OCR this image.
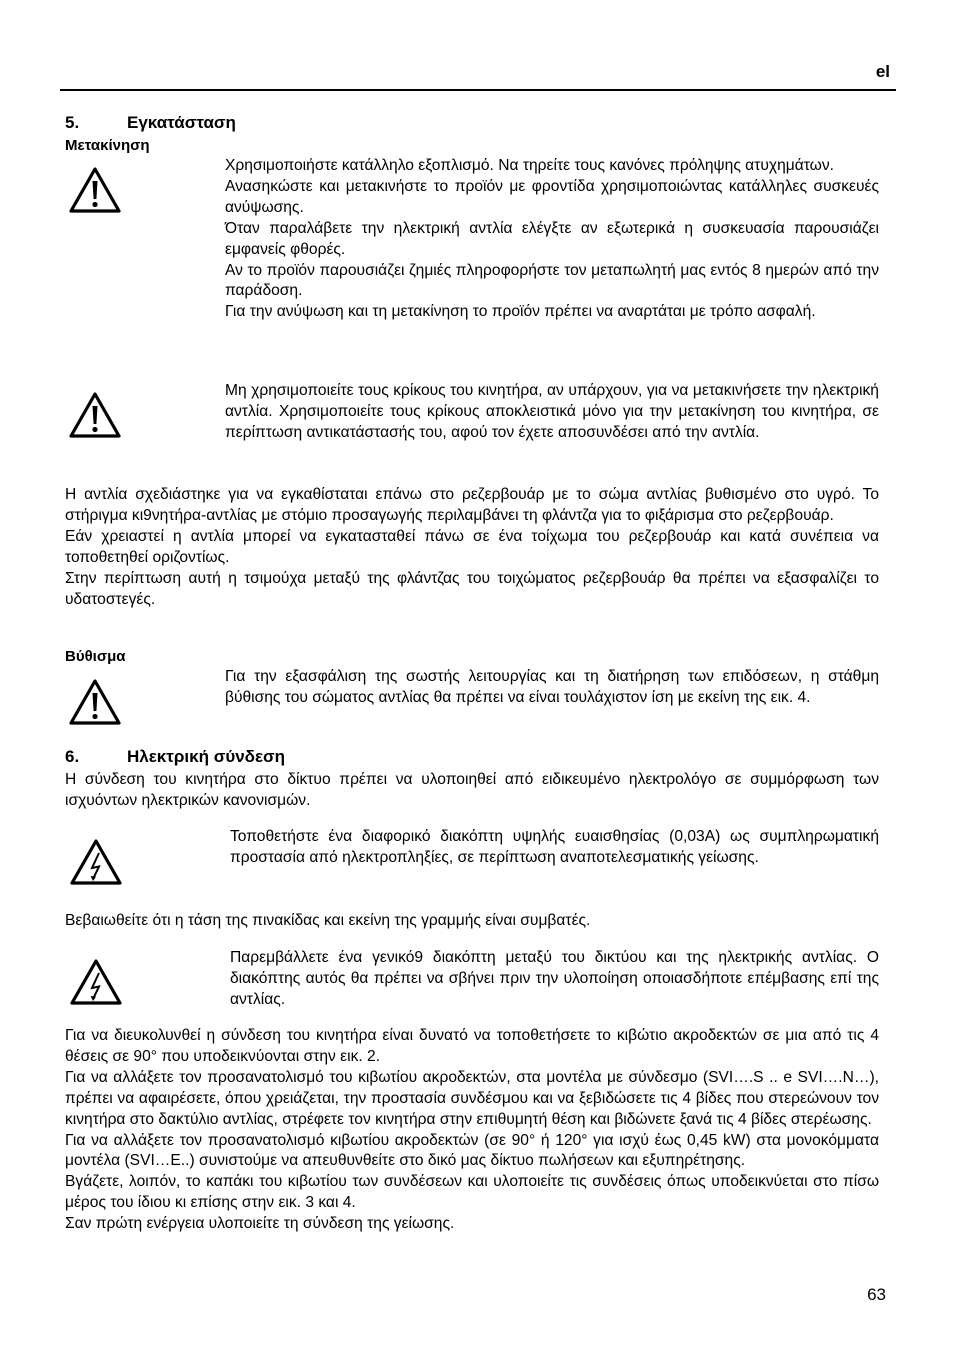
el
5.	Εγκατάσταση
Μετακίνηση
Χρησιμοποιήστε κατάλληλο εξοπλισμό. Να τηρείτε τους κανόνες πρόληψης ατυχημάτων.
Ανασηκώστε και μετακινήστε το προϊόν με φροντίδα χρησιμοποιώντας κατάλληλες συσκευές ανύψωσης.
Όταν παραλάβετε την ηλεκτρική αντλία ελέγξτε αν εξωτερικά η συσκευασία παρουσιάζει εμφανείς φθορές.
Αν το προϊόν παρουσιάζει ζημιές πληροφορήστε τον μεταπωλητή μας εντός 8 ημερών από την παράδοση.
Για την ανύψωση και τη μετακίνηση το προϊόν πρέπει να αναρτάται με τρόπο ασφαλή.
Μη χρησιμοποιείτε τους κρίκους του κινητήρα, αν υπάρχουν, για να μετακινήσετε την ηλεκτρική αντλία. Χρησιμοποιείτε τους κρίκους αποκλειστικά μόνο για την μετακίνηση του κινητήρα, σε περίπτωση αντικατάστασής του, αφού τον έχετε αποσυνδέσει από την αντλία.
Η αντλία σχεδιάστηκε για να εγκαθίσταται επάνω στο ρεζερβουάρ με το σώμα αντλίας βυθισμένο στο υγρό. Το στήριγμα κι9νητήρα-αντλίας με στόμιο προσαγωγής περιλαμβάνει τη φλάντζα για το φιξάρισμα στο ρεζερβουάρ.
Εάν χρειαστεί η αντλία μπορεί να εγκατασταθεί πάνω σε ένα τοίχωμα του ρεζερβουάρ και κατά συνέπεια να τοποθετηθεί οριζοντίως.
Στην περίπτωση αυτή η τσιμούχα μεταξύ της φλάντζας του τοιχώματος ρεζερβουάρ θα πρέπει να εξασφαλίζει το υδατοστεγές.
Βύθισμα
Για την εξασφάλιση της σωστής λειτουργίας και τη διατήρηση των επιδόσεων, η στάθμη βύθισης του σώματος αντλίας θα πρέπει να είναι τουλάχιστον ίση με εκείνη της εικ. 4.
6.	Ηλεκτρική σύνδεση
Η σύνδεση του κινητήρα στο δίκτυο πρέπει να υλοποιηθεί από ειδικευμένο ηλεκτρολόγο σε συμμόρφωση των ισχυόντων ηλεκτρικών κανονισμών.
Τοποθετήστε ένα διαφορικό διακόπτη υψηλής ευαισθησίας (0,03Α) ως συμπληρωματική προστασία από ηλεκτροπληξίες, σε περίπτωση αναποτελεσματικής γείωσης.
Βεβαιωθείτε ότι η τάση της πινακίδας και εκείνη της γραμμής είναι συμβατές.
Παρεμβάλλετε ένα γενικό9 διακόπτη μεταξύ του δικτύου και της ηλεκτρικής αντλίας. Ο διακόπτης αυτός θα πρέπει να σβήνει πριν την υλοποίηση οποιασδήποτε επέμβασης επί της αντλίας.
Για να διευκολυνθεί η σύνδεση του κινητήρα είναι δυνατό να τοποθετήσετε το κιβώτιο ακροδεκτών σε μια από τις 4 θέσεις σε 90° που υποδεικνύονται στην εικ. 2.
Για να αλλάξετε τον προσανατολισμό του κιβωτίου ακροδεκτών, στα μοντέλα με σύνδεσμο (SVI….S .. e SVI….N…), πρέπει να αφαιρέσετε, όπου χρειάζεται, την προστασία συνδέσμου και να ξεβιδώσετε τις 4 βίδες που στερεώνουν τον κινητήρα στο δακτύλιο αντλίας, στρέφετε τον κινητήρα στην επιθυμητή θέση και βιδώνετε ξανά τις 4 βίδες στερέωσης.
Για να αλλάξετε τον προσανατολισμό κιβωτίου ακροδεκτών (σε 90° ή 120° για ισχύ έως 0,45 kW) στα μονοκόμματα μοντέλα (SVI…E..) συνιστούμε να απευθυνθείτε στο δικό μας δίκτυο πωλήσεων και εξυπηρέτησης.
Βγάζετε, λοιπόν, το καπάκι του κιβωτίου των συνδέσεων και υλοποιείτε τις συνδέσεις όπως υποδεικνύεται στο πίσω μέρος του ίδιου κι επίσης στην εικ. 3 και 4.
Σαν πρώτη ενέργεια υλοποιείτε τη σύνδεση της γείωσης.
63
